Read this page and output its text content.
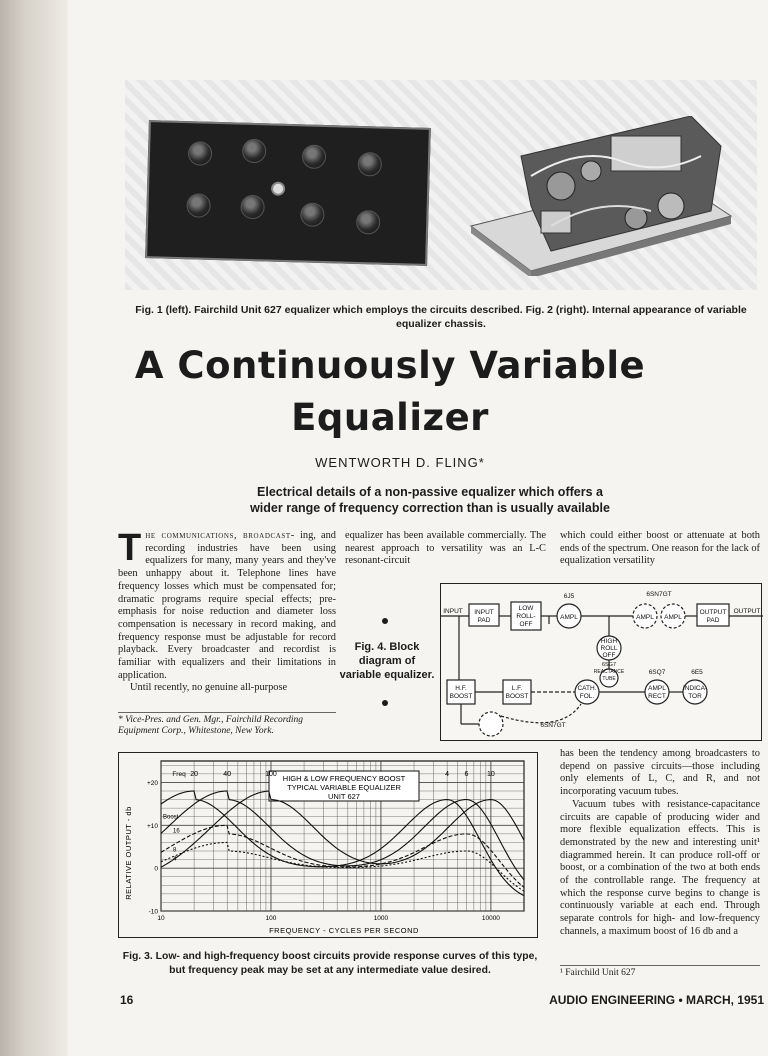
Fig. 1 (left). Fairchild Unit 627 equalizer which employs the circuits described. Fig. 2 (right). Internal appearance of variable equalizer chassis.
A Continuously Variable
Equalizer
WENTWORTH D. FLING*
Electrical details of a non-passive equalizer which offers a wider range of frequency correction than is usually available
T he communications, broadcast- ing, and recording industries have been using equalizers for many, many years and they've been unhappy about it. Telephone lines have frequency losses which must be compensated for; dramatic programs require special effects; pre-emphasis for noise reduction and diameter loss compensation is necessary in record making, and frequency response must be adjustable for record playback. Every broadcaster and recordist is familiar with equalizers and their limitations in application.
Until recently, no genuine all-purpose
* Vice-Pres. and Gen. Mgr., Fairchild Recording Equipment Corp., Whitestone, New York.
equalizer has been available commercially. The nearest approach to versatility was an L-C resonant-circuit
Fig. 4. Block diagram of variable equalizer.
which could either boost or attenuate at both ends of the spectrum. One reason for the lack of equalization versatility
INPUT INPUT
PAD
LOW
ROLL-
OFF
AMPL
6J5	6SN7GT
AMPL AMPL
OUTPUT
PAD
OUTPUT
HIGH
ROLL
OFF
6SG7
REACTANCE
TUBE
H.F.
BOOST
L.F.
BOOST
CATH.
FOL.
6SQ7	6E5
AMPL
RECT
INDICA-
TOR
6SN7GT
HIGH & LOW FREQUENCY BOOST
TYPICAL VARIABLE EQUALIZER
UNIT 627
10	100	1000	10000
-10
0
+10
+20
Freq 20	40	100	4 6	10
Boost
16
8
4
FREQUENCY - CYCLES PER SECOND
RELATIVE OUTPUT - db
Fig. 3. Low- and high-frequency boost circuits provide response curves of this type, but frequency peak may be set at any intermediate value desired.
has been the tendency among broadcasters to depend on passive circuits—those including only elements of L, C, and R, and not incorporating vacuum tubes.
Vacuum tubes with resistance-capacitance circuits are capable of producing wider and more flexible equalization effects. This is demonstrated by the new and interesting unit¹ diagrammed herein. It can produce roll-off or boost, or a combination of the two at both ends of the controllable range. The frequency at which the response curve begins to change is continuously variable at each end. Through separate controls for high- and low-frequency channels, a maximum boost of 16 db and a
¹ Fairchild Unit 627
16	AUDIO ENGINEERING • MARCH, 1951
